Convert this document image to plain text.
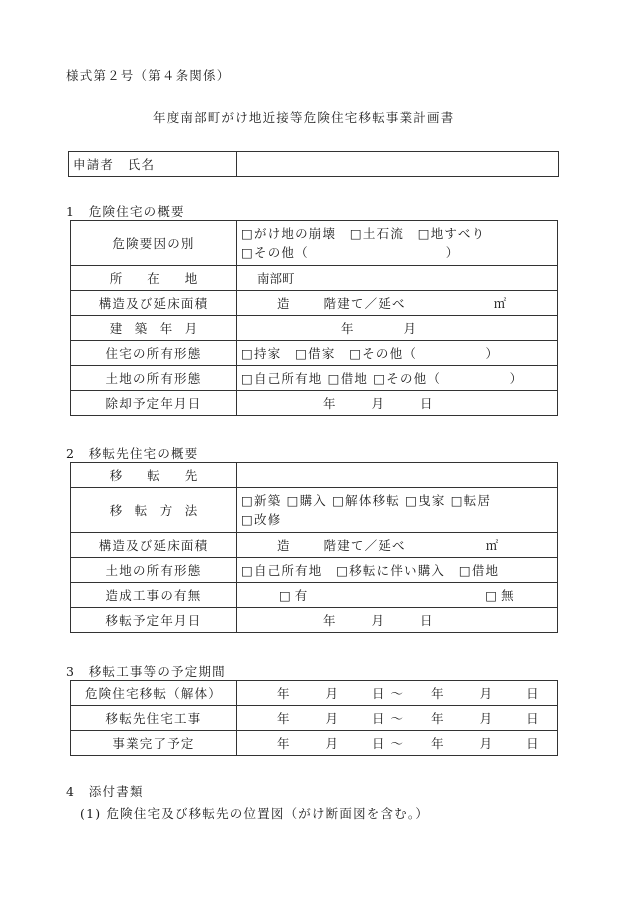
様式第２号（第４条関係）
年度南部町がけ地近接等危険住宅移転事業計画書
申請者　氏名	
1　危険住宅の概要
危険要因の別	□がけ地の崩壊　□土石流　□地すべり
□その他（　　　　　　　　　　）

所　　在　　地	南部町
構造及び延床面積	造 階建て／延べ ㎡
建　築　年　月	年 月
住宅の所有形態	□持家　□借家　□その他（　　　　　）
土地の所有形態	□自己所有地 □借地 □その他（　　　　　）
除却予定年月日	年 月 日
2　移転先住宅の概要
移　　転　　先	
移　転　方　法	□新築 □購入 □解体移転 □曳家 □転居
□改修

構造及び延床面積	造 階建て／延べ ㎡
土地の所有形態	□自己所有地　□移転に伴い購入　□借地
造成工事の有無	□ 有 □ 無
移転予定年月日	年 月 日
3　移転工事等の予定期間
危険住宅移転（解体）	年 月 日 ～ 年 月 日
移転先住宅工事	年 月 日 ～ 年 月 日
事業完了予定	年 月 日 ～ 年 月 日
4　添付書類
(1) 危険住宅及び移転先の位置図（がけ断面図を含む。）
